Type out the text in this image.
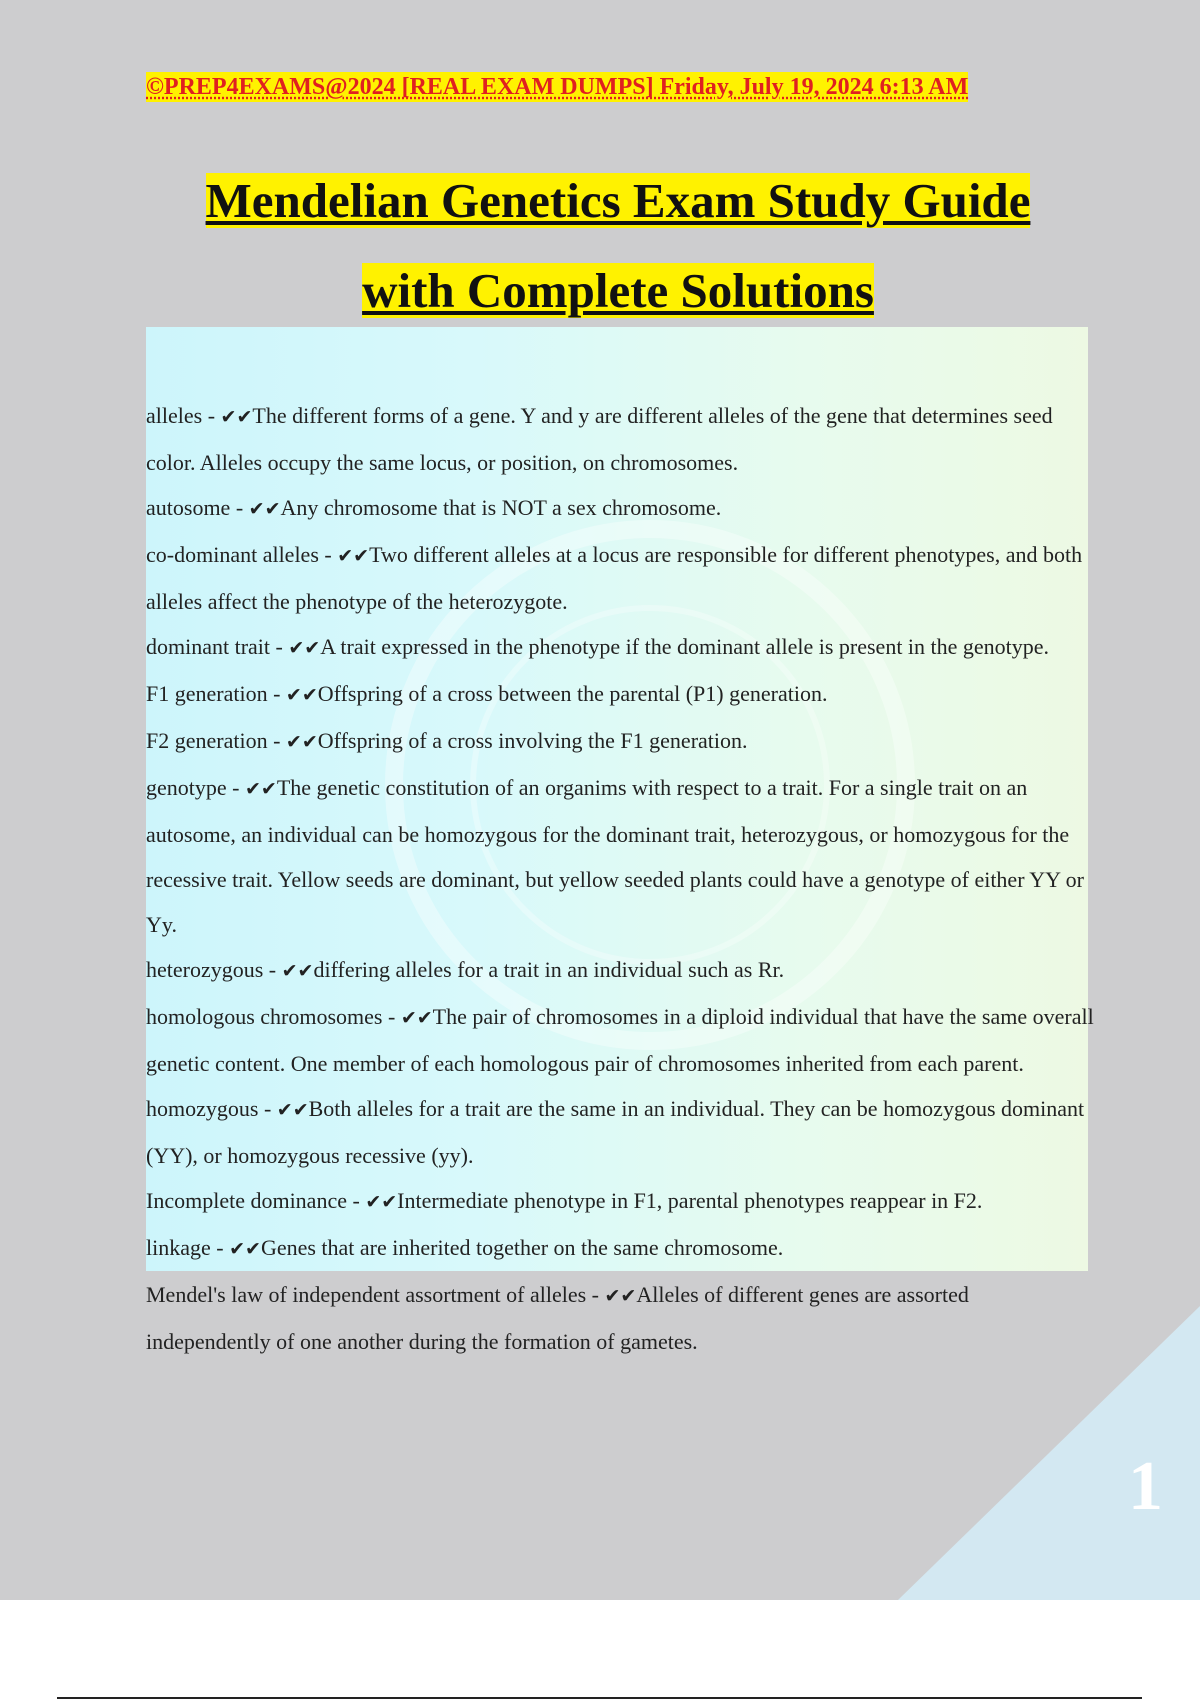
1
©PREP4EXAMS@2024 [REAL EXAM DUMPS] Friday, July 19, 2024 6:13 AM
Mendelian Genetics Exam Study Guide
with Complete Solutions

alleles - ✔✔The different forms of a gene. Y and y are different alleles of the gene that determines seed color. Alleles occupy the same locus, or position, on chromosomes.

autosome - ✔✔Any chromosome that is NOT a sex chromosome.

co-dominant alleles - ✔✔Two different alleles at a locus are responsible for different phenotypes, and both alleles affect the phenotype of the heterozygote.

dominant trait - ✔✔A trait expressed in the phenotype if the dominant allele is present in the genotype.

F1 generation - ✔✔Offspring of a cross between the parental (P1) generation.

F2 generation - ✔✔Offspring of a cross involving the F1 generation.

genotype - ✔✔The genetic constitution of an organims with respect to a trait. For a single trait on an autosome, an individual can be homozygous for the dominant trait, heterozygous, or homozygous for the recessive trait. Yellow seeds are dominant, but yellow seeded plants could have a genotype of either YY or Yy.

heterozygous - ✔✔differing alleles for a trait in an individual such as Rr.

homologous chromosomes - ✔✔The pair of chromosomes in a diploid individual that have the same overall genetic content. One member of each homologous pair of chromosomes inherited from each parent.

homozygous - ✔✔Both alleles for a trait are the same in an individual. They can be homozygous dominant (YY), or homozygous recessive (yy).

Incomplete dominance - ✔✔Intermediate phenotype in F1, parental phenotypes reappear in F2.

linkage - ✔✔Genes that are inherited together on the same chromosome.

Mendel's law of independent assortment of alleles - ✔✔Alleles of different genes are assorted independently of one another during the formation of gametes.
